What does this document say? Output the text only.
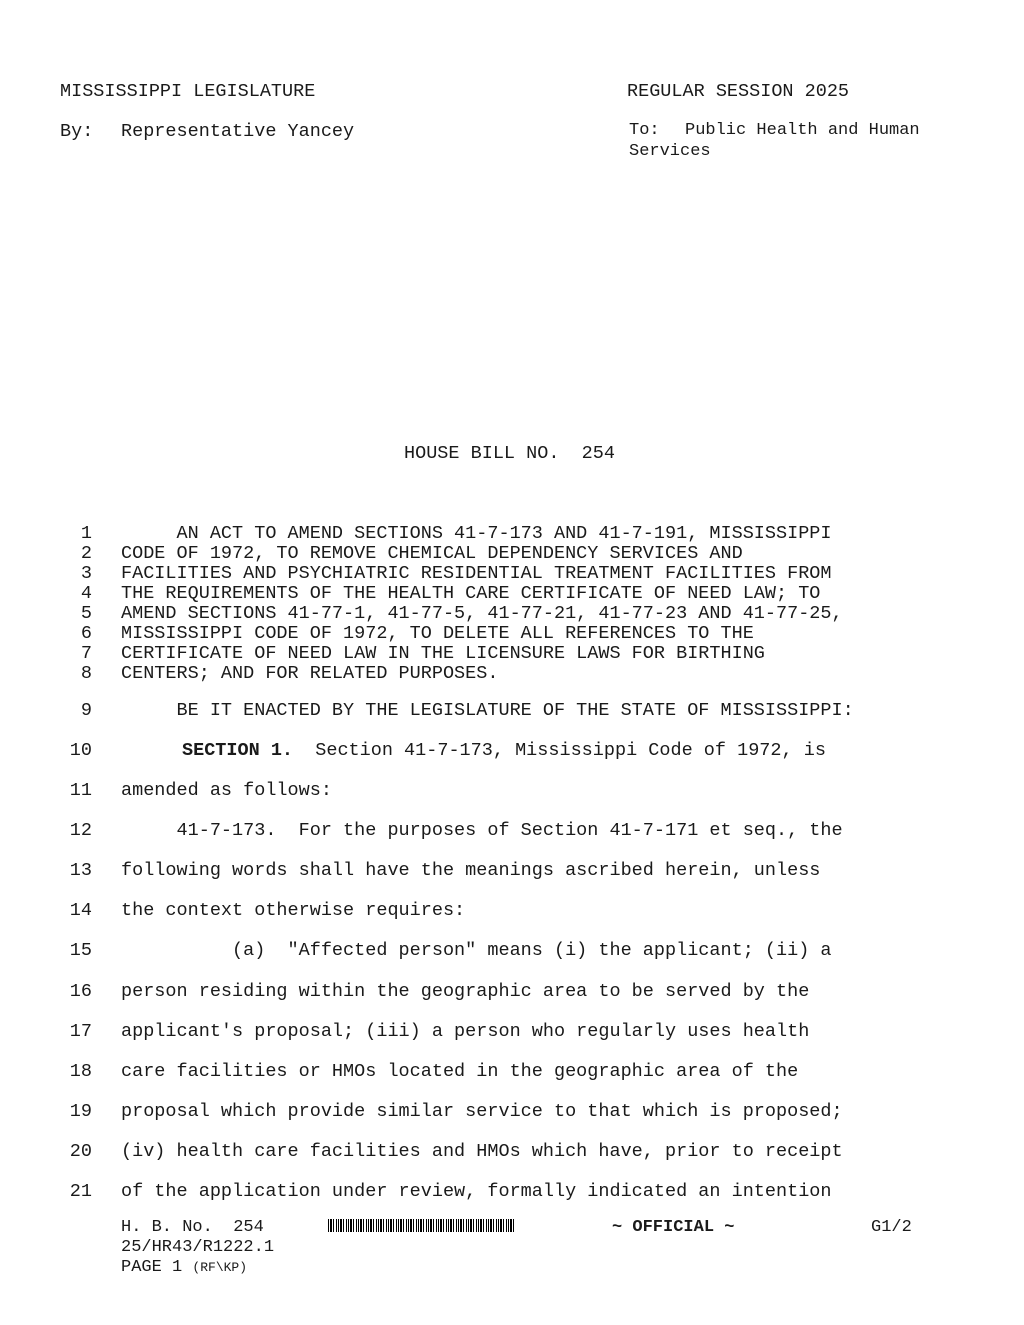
MISSISSIPPI LEGISLATURE	REGULAR SESSION 2025
By: Representative Yancey	To: Public Health and Human
Services
HOUSE BILL NO.  254
1 AN ACT TO AMEND SECTIONS 41-7-173 AND 41-7-191, MISSISSIPPI
2 CODE OF 1972, TO REMOVE CHEMICAL DEPENDENCY SERVICES AND
3 FACILITIES AND PSYCHIATRIC RESIDENTIAL TREATMENT FACILITIES FROM
4 THE REQUIREMENTS OF THE HEALTH CARE CERTIFICATE OF NEED LAW; TO
5 AMEND SECTIONS 41-77-1, 41-77-5, 41-77-21, 41-77-23 AND 41-77-25,
6 MISSISSIPPI CODE OF 1972, TO DELETE ALL REFERENCES TO THE
7 CERTIFICATE OF NEED LAW IN THE LICENSURE LAWS FOR BIRTHING
8 CENTERS; AND FOR RELATED PURPOSES.
9 BE IT ENACTED BY THE LEGISLATURE OF THE STATE OF MISSISSIPPI:
10	SECTION 1.  Section 41-7-173, Mississippi Code of 1972, is
11 amended as follows:
12 41-7-173.  For the purposes of Section 41-7-171 et seq., the
13 following words shall have the meanings ascribed herein, unless
14 the context otherwise requires:
15 (a)  "Affected person" means (i) the applicant; (ii) a
16 person residing within the geographic area to be served by the
17 applicant's proposal; (iii) a person who regularly uses health
18 care facilities or HMOs located in the geographic area of the
19 proposal which provide similar service to that which is proposed;
20 (iv) health care facilities and HMOs which have, prior to receipt
21 of the application under review, formally indicated an intention
H. B. No.  254	~ OFFICIAL ~	G1/2
25/HR43/R1222.1
PAGE 1 (RF\KP)
